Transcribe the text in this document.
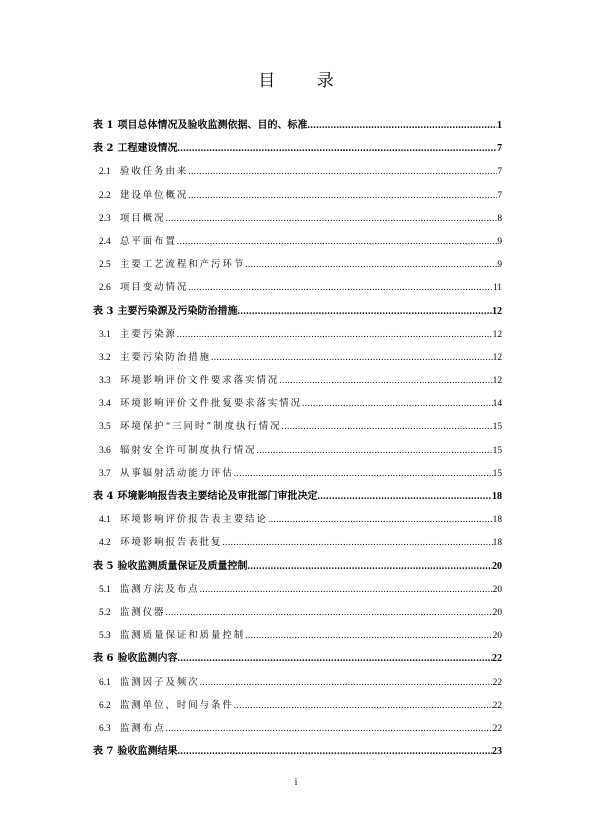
目 录
表 1 项目总体情况及验收监测依据、目的、标准 .....	1
表 2 工程建设情况 .....	7
2.1 验收任务由来 .....	7
2.2 建设单位概况 .....	7
2.3 项目概况 .....	8
2.4 总平面布置 .....	9
2.5 主要工艺流程和产污环节 .....	9
2.6 项目变动情况 .....	11
表 3 主要污染源及污染防治措施 .....	12
3.1 主要污染源 .....	12
3.2 主要污染防治措施 .....	12
3.3 环境影响评价文件要求落实情况 .....	12
3.4 环境影响评价文件批复要求落实情况 .....	14
3.5 环境保护“三同时”制度执行情况 .....	15
3.6 辐射安全许可制度执行情况 .....	15
3.7 从事辐射活动能力评估 .....	15
表 4 环境影响报告表主要结论及审批部门审批决定 .....	18
4.1 环境影响评价报告表主要结论 .....	18
4.2 环境影响报告表批复 .....	18
表 5 验收监测质量保证及质量控制 .....	20
5.1 监测方法及布点 .....	20
5.2 监测仪器 .....	20
5.3 监测质量保证和质量控制 .....	20
表 6 验收监测内容 .....	22
6.1 监测因子及频次 .....	22
6.2 监测单位、时间与条件 .....	22
6.3 监测布点 .....	22
表 7 验收监测结果 .....	23
i
